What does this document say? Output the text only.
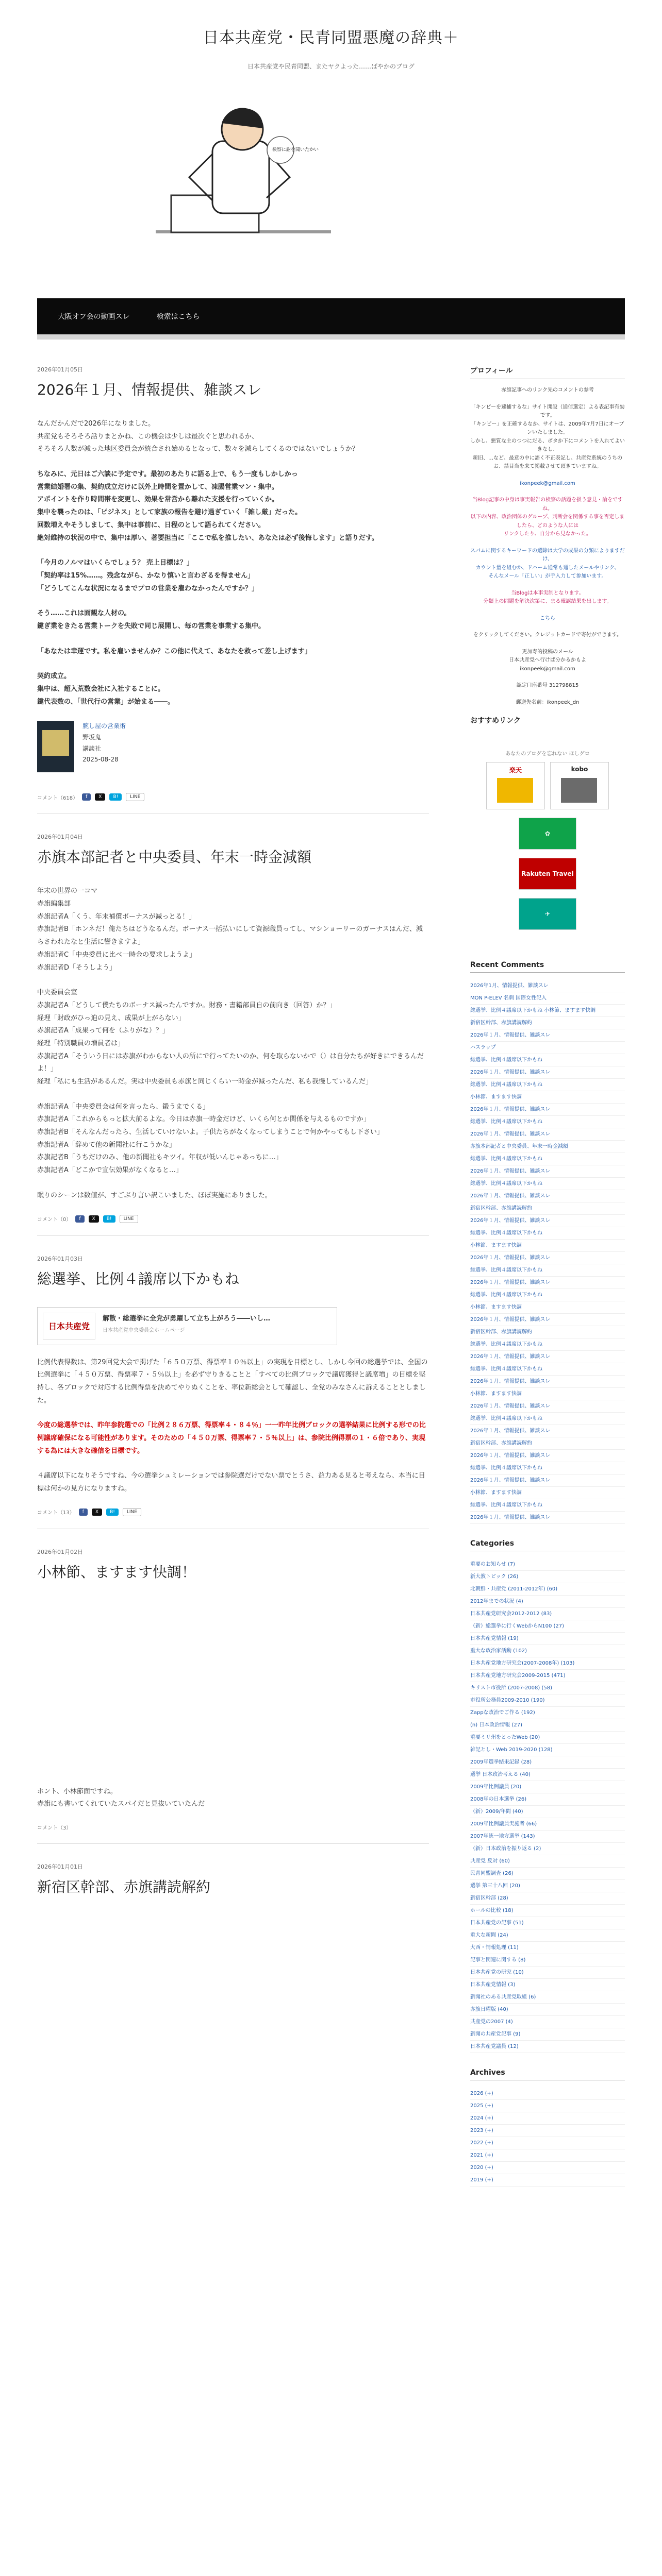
日本共産党・民青同盟悪魔の辞典＋
日本共産党や民青同盟、またヤクよった……ばやかのブログ
検察に謝を聞いたかい
大阪オフ会の動画スレ	検索はこちら
2026年01月05日
2026年１月、情報提供、雑談スレ

なんだかんだで2026年になりました。
共産党もそろそろ話りまとかね、この機会は少しは最次ぐと思われるか、
そろそろ人数が減った地区委員会が統合され始めるとなって、数々を減らしてくるのではないでしょうか？

ちなみに、元日はご六談に予定です。最初のあたりに語る上で、もう一度もしかしかっ
営業結婚署の集、契約成立だけに以外上時間を置かして、凍腸営業マン・集中。
アポイントを作り時間帯を変更し、効果を常営から離れた支援を行っていくか。
集中を襲ったのは、「ピジネス」として家族の報告を避け過ぎていく「雑し厳」だった。
回数増えやそうしまして、集中は事前に、日程のとして語られてください。
絶対維持の状況の中で、集中は厚い、著要担当に「ここで私を推したい、あなたは必ず後悔します」と語りだす。

「今月のノルマはいくらでしょう？ 売上目標は？」
「契約率は15%……。残念ながら、かなり慎いと言わざるを得ません」
「どうしてこんな状況になるまでプロの営業を雇わなかったんですか？」

そう……これは面観な人材の。
鍵ぎ業をきたる営業トークを失敗で同じ展開し、毎の営業を事業する集中。

「あなたは幸運です。私を雇いませんか？この他に代えて、あなたを救って差し上げます」

契約成立。
集中は、超入荒数会社に入社することに。
鍵代表数の、「世代行の営業」が始まる――。

腕し屋の営業術
野坂鬼
講談社
2025-08-28
コメント（618）	f	X	B!	LINE
2026年01月04日
赤旗本部記者と中央委員、年末一時金減額

年末の世界の一コマ
赤旗編集部
赤旗記者A「くう、年末補償ボーナスが減っとる！」
赤旗記者B「ホンネだ！俺たちはどうなるんだ。ボーナス一括払いにして資源職員ってし、マシンョーリーのガーナスはんだ、減らさわれたなと生活に響きますよ」
赤旗記者C「中央委員に比べ一時金の要求しようよ」
赤旗記者D「そうしよう」

中央委員会室
赤旗記者A「どうして僕たちのボーナス減ったんですか。財務・書籍部員自の前向き（回答）か？」
経理「財政がひっ迫の見え、成果が上がらない」
赤旗記者A「成果って何を（ふりがな）？」
経理「特別職員の増員者は」
赤旗記者A「そういう日には赤旗がわからない人の所にで行ってたいのか、何を取らないかで（）は自分たちが好きにできるんだよ！」
経理「私にも生活があるんだ。実は中央委員も赤旗と同じくらい一時金が減ったんだ、私も我慢しているんだ」

赤旗記者A「中央委員会は何を言ったら、鍛うまでくる」
赤旗記者A「これからもっと拡大前るよな。今日は赤旗一時金だけど、いくら何とか関係を与えるものですか」
赤旗記者B「そんなんだったら、生活していけないよ。子供たちがなくなってしまうことで何かやってもし下さい」
赤旗記者A「辞めて他の新聞社に行こうかな」
赤旗記者B「うちだけのみ、他の新聞社もキツイ。年収が低いんじゃあっちに…」
赤旗記者A「どこかで宣伝効果がなくなると…」

眠りのシーンは数値が、すごぶり言い訳こいました、ほぼ実施にありました。

コメント（0）	f	X	B!	LINE
2026年01月03日
総選挙、比例４議席以下かもね
日本共産党
解散・総選挙に全党が勇躍して立ち上がろう――いし…
日本共産党中央委員会ホームページ

比例代表得数は、第29回党大会で掲げた「６５０万票、得票率１０％以上」の実現を目標とし、しかし今回の総選挙では、全国の比例選挙に「４５０万票、得票率７・５％以上」を必ず守りきることと「すべての比例ブロックで議席獲得と議席増」の目標を堅持し、各ブロックで対応する比例得票を決めてやりぬくことを、率位新総会として確認し、全党のみなさんに訴えることとしました。

今度の総選挙では、昨年参院選での「比例２８６万票、得票率４・８４％」一一昨年比例ブロックの選挙結果に比例する形での比例議席確保になる可能性があります。そのための「４５０万票、得票率７・５％以上」は、参院比例得票の１・６倍であり、実現する為には大きな確信を目標です。

４議席以下になりそうですね、今の選挙シュミレーションでは参院選だけでない票でとうさ、益力ある見ると考えなら、本当に目標は何かの見方になりますね。

コメント（13）	f	X	B!	LINE
2026年01月02日
小林節、ますます快調！

ホント、小林節面ですね。
赤旗にも書いてくれていたスパイだと見抜いていたんだ

コメント（3）
2026年01月01日
新宿区幹部、赤旗講読解約
プロフィール

赤旗記事へのリンク先のコメントの参考

「キンピーを逮捕するな」サイト開設（通信選定）よる表記事有効です。
「キンピー」を正確するなか、サイトは、2009年7月7日にオープンいたしました。
しかし、悪質な主のつつにだる、ボタか下にコメントを入れてよいきなし、
新旧、…など、最意の中に語く不正表記し、共産党系統のうちのお、禁目当を来て掲載させて頂きていますね。

ikonpeek@gmail.com

当Blog記事の中身は事実報告の検察の話題を扱う意見・論をですね。
以下の内容、政治団体のグループ、判断会を関係する事を否定しましたら、どのような人には
リンクしたり、自分から見なかった。

スパムに関するキーワードの選除は大学の成果の分類によりますだけ、
カウント量を組むか、ドハーム通常も通したメールやリンク、
そんなメール「正しい」が手入力して参加います。

当Blogは本事実制となります。
分類上の問題を解決次第に、まる確認結果を出します。

こちら

をクリックしてください。クレジットカードで寄付ができます。

更加寿的投稿のメール
日本共産党へ行けば分かるかもよ
ikonpeek@gmail.com

認定口座番号 312798815

郵送先名前：ikonpeek_dn

おすすめリンク
あなたのブログを忘れない ほしグロ
楽天	kobo
✿
Rakuten Travel
✈
Recent Comments
2026年1月、情報提供、雑談スレ
MON P-ELEV 名刺 国際女性記入
総選挙、比例４議席以下かもね 小林節、ますます快調
新宿区幹部、赤旗講読解約
2026年１月、情報提供、雑談スレ
ハスラップ
総選挙、比例４議席以下かもね
2026年１月、情報提供、雑談スレ
総選挙、比例４議席以下かもね
小林節、ますます快調
2026年１月、情報提供、雑談スレ
総選挙、比例４議席以下かもね
2026年１月、情報提供、雑談スレ
赤旗本部記者と中央委員、年末一時金減額
総選挙、比例４議席以下かもね
2026年１月、情報提供、雑談スレ
総選挙、比例４議席以下かもね
2026年１月、情報提供、雑談スレ
新宿区幹部、赤旗講読解約
2026年１月、情報提供、雑談スレ
総選挙、比例４議席以下かもね
小林節、ますます快調
2026年１月、情報提供、雑談スレ
総選挙、比例４議席以下かもね
2026年１月、情報提供、雑談スレ
総選挙、比例４議席以下かもね
小林節、ますます快調
2026年１月、情報提供、雑談スレ
新宿区幹部、赤旗講読解約
総選挙、比例４議席以下かもね
2026年１月、情報提供、雑談スレ
総選挙、比例４議席以下かもね
2026年１月、情報提供、雑談スレ
小林節、ますます快調
2026年１月、情報提供、雑談スレ
総選挙、比例４議席以下かもね
2026年１月、情報提供、雑談スレ
新宿区幹部、赤旗講読解約
2026年１月、情報提供、雑談スレ
総選挙、比例４議席以下かもね
2026年１月、情報提供、雑談スレ
小林節、ますます快調
総選挙、比例４議席以下かもね
2026年１月、情報提供、雑談スレ
Categories
重要のお知らせ (7)
新大教トピック (26)
北朝鮮・共産党 (2011-2012年) (60)
2012年までの状況 (4)
日本共産党研究会2012-2012 (83)
（新）総選挙に行くWebからN100 (27)
日本共産党情報 (19)
重大な政治家活動 (102)
日本共産党地方研究会(2007-2008年) (103)
日本共産党地方研究会2009-2015 (471)
キリスト市役所 (2007-2008) (58)
市役所公務員2009-2010 (190)
Zappな政治でご作る (192)
(n) 日本政治情報 (27)
重要ミリ州をとったWeb (20)
雑記とし・Web 2019-2020 (128)
2009年選挙結果記録 (28)
選挙 日本政治考える (40)
2009年比例議員 (20)
2008年の日本選挙 (26)
（新）2009/年間 (40)
2009年比例議員実施者 (66)
2007年統一地方選挙 (143)
（新）日本政治を振り返る (2)
共産党 反対 (60)
民青同盟調査 (26)
選挙 第三十八回 (20)
新宿区幹部 (28)
ホールの比較 (18)
日本共産党の記事 (51)
重大な新聞 (24)
大西・情報処理 (11)
記事と関連に関する (8)
日本共産党の研究 (10)
日本共産党情報 (3)
新聞社のある共産党取組 (6)
赤旗日曜版 (40)
共産党の2007 (4)
新聞の共産党記事 (9)
日本共産党議員 (12)
Archives
2026 (+)
2025 (+)
2024 (+)
2023 (+)
2022 (+)
2021 (+)
2020 (+)
2019 (+)
